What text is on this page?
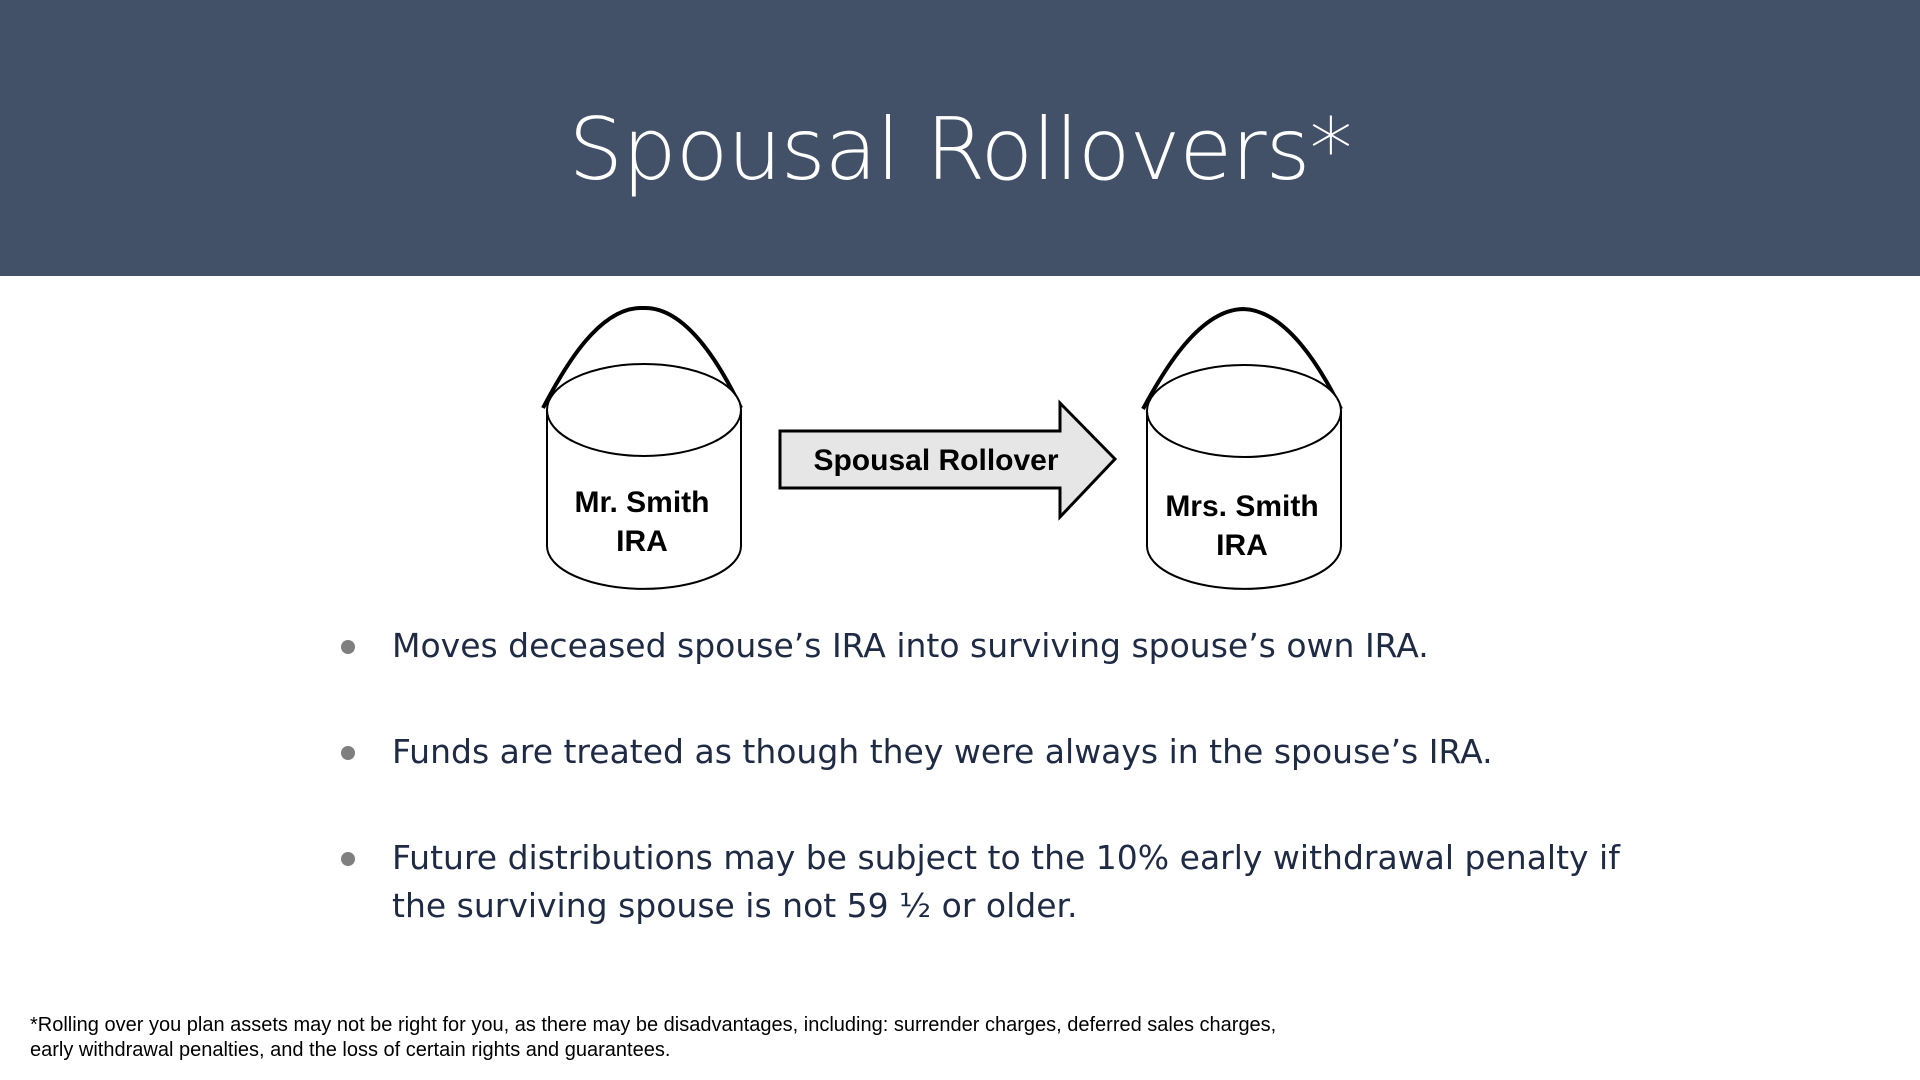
Spousal Rollovers*
Mr. Smith
IRA
Spousal Rollover
Mrs. Smith
IRA
Moves deceased spouse’s IRA into surviving spouse’s own IRA.
Funds are treated as though they were always in the spouse’s IRA.
Future distributions may be subject to the 10% early withdrawal penalty if
the surviving spouse is not 59 ½ or older.
*Rolling over you plan assets may not be right for you, as there may be disadvantages, including: surrender charges, deferred sales charges,
early withdrawal penalties, and the loss of certain rights and guarantees.
